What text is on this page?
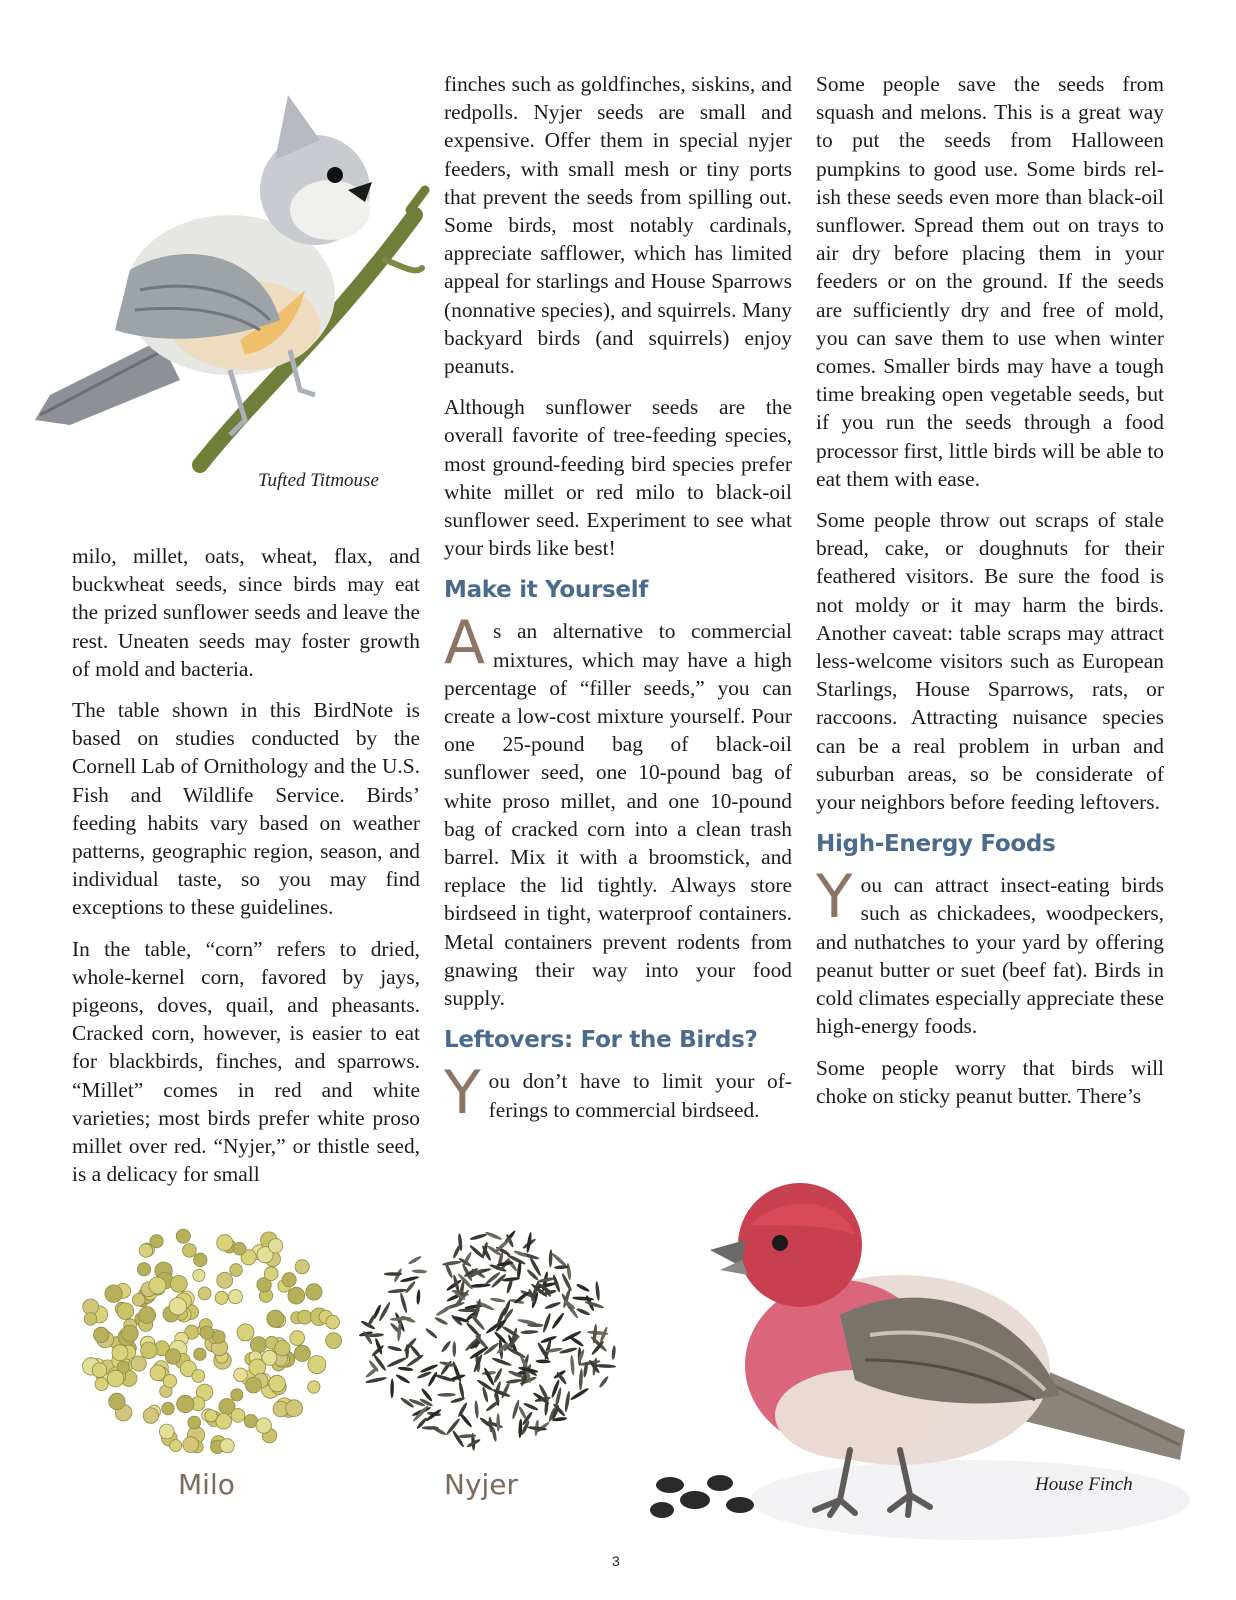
Tufted Titmouse

milo, millet, oats, wheat, flax, and buckwheat seeds, since birds may eat the prized sunflower seeds and leave the rest. Uneaten seeds may foster growth of mold and bacteria.

The table shown in this BirdNote is based on studies conducted by the Cornell Lab of Ornithology and the U.S. Fish and Wildlife Service. Birds’ feeding habits vary based on weather patterns, geographic region, season, and individual taste, so you may find exceptions to these guidelines.

In the table, “corn” refers to dried, whole-kernel corn, favored by jays, pigeons, doves, quail, and pheasants. Cracked corn, however, is easier to eat for blackbirds, finches, and sparrows. “Millet” comes in red and white varieties; most birds prefer white proso millet over red. “Nyjer,” or thistle seed, is a delicacy for small

finches such as goldfinches, siskins, and redpolls. Nyjer seeds are small and expensive. Offer them in special nyjer feeders, with small mesh or tiny ports that prevent the seeds from spilling out. Some birds, most notably cardinals, appreciate safflower, which has limited appeal for starlings and House Sparrows (nonnative species), and squirrels. Many backyard birds (and squirrels) enjoy peanuts.

Although sunflower seeds are the overall favorite of tree-feeding species, most ground-feeding bird species prefer white millet or red milo to black-oil sunflower seed. Experiment to see what your birds like best!

Make it Yourself

As an alternative to commercial mixtures, which may have a high percentage of “filler seeds,” you can create a low-cost mixture yourself. Pour one 25-pound bag of black-oil sunflower seed, one 10-pound bag of white proso millet, and one 10-pound bag of cracked corn into a clean trash barrel. Mix it with a broomstick, and replace the lid tightly. Always store birdseed in tight, waterproof containers. Metal containers prevent rodents from gnawing their way into your food supply.

Leftovers: For the Birds?

You don’t have to limit your offerings to commercial birdseed.

Some people save the seeds from squash and melons. This is a great way to put the seeds from Halloween pumpkins to good use. Some birds relish these seeds even more than black-oil sunflower. Spread them out on trays to air dry before placing them in your feeders or on the ground. If the seeds are sufficiently dry and free of mold, you can save them to use when winter comes. Smaller birds may have a tough time breaking open vegetable seeds, but if you run the seeds through a food processor first, little birds will be able to eat them with ease.

Some people throw out scraps of stale bread, cake, or doughnuts for their feathered visitors. Be sure the food is not moldy or it may harm the birds. Another caveat: table scraps may attract less-welcome visitors such as European Starlings, House Sparrows, rats, or raccoons. Attracting nuisance species can be a real problem in urban and suburban areas, so be considerate of your neighbors before feeding leftovers.

High-Energy Foods

You can attract insect-eating birds such as chickadees, woodpeckers, and nuthatches to your yard by offering peanut butter or suet (beef fat). Birds in cold climates especially appreciate these high-energy foods.

Some people worry that birds will choke on sticky peanut butter. There’s

Milo	Nyjer	House Finch
3
